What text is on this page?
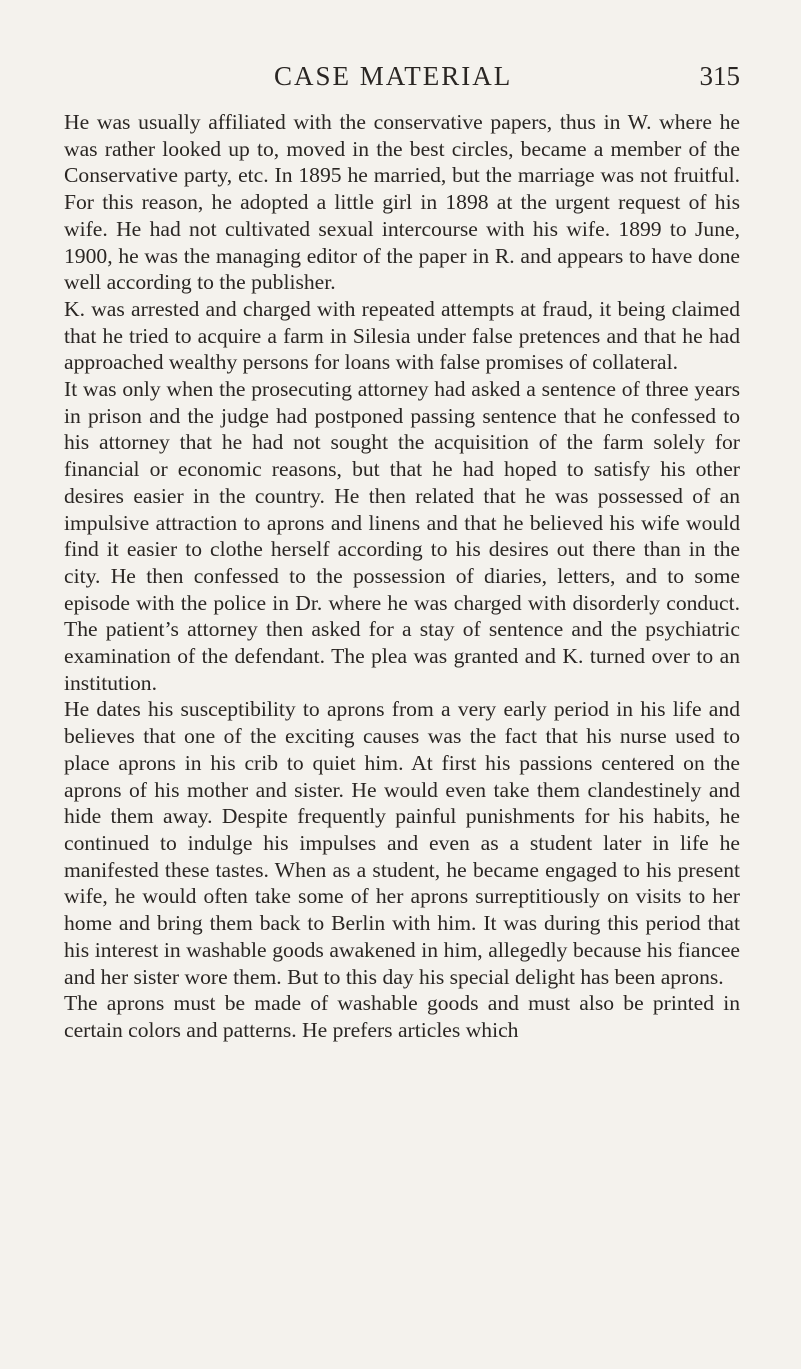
CASE MATERIAL	315

He was usually affiliated with the conservative papers, thus in W. where he was rather looked up to, moved in the best circles, became a member of the Conservative party, etc. In 1895 he married, but the marriage was not fruitful. For this reason, he adopted a little girl in 1898 at the urgent request of his wife. He had not cultivated sexual intercourse with his wife. 1899 to June, 1900, he was the managing editor of the paper in R. and appears to have done well according to the publisher.

K. was arrested and charged with repeated attempts at fraud, it being claimed that he tried to acquire a farm in Silesia under false pretences and that he had approached wealthy persons for loans with false promises of collateral.

It was only when the prosecuting attorney had asked a sentence of three years in prison and the judge had postponed passing sentence that he confessed to his attorney that he had not sought the acquisition of the farm solely for financial or economic reasons, but that he had hoped to satisfy his other desires easier in the country. He then related that he was possessed of an impulsive attraction to aprons and linens and that he believed his wife would find it easier to clothe herself according to his desires out there than in the city. He then confessed to the possession of diaries, letters, and to some episode with the police in Dr. where he was charged with disorderly conduct. The patient’s attorney then asked for a stay of sentence and the psychiatric examination of the defendant. The plea was granted and K. turned over to an institution.

He dates his susceptibility to aprons from a very early period in his life and believes that one of the exciting causes was the fact that his nurse used to place aprons in his crib to quiet him. At first his passions centered on the aprons of his mother and sister. He would even take them clandestinely and hide them away. Despite frequently painful punishments for his habits, he continued to indulge his impulses and even as a student later in life he manifested these tastes. When as a student, he became engaged to his present wife, he would often take some of her aprons surreptitiously on visits to her home and bring them back to Berlin with him. It was during this period that his interest in washable goods awakened in him, allegedly because his fiancee and her sister wore them. But to this day his special delight has been aprons.

The aprons must be made of washable goods and must also be printed in certain colors and patterns. He prefers articles which
